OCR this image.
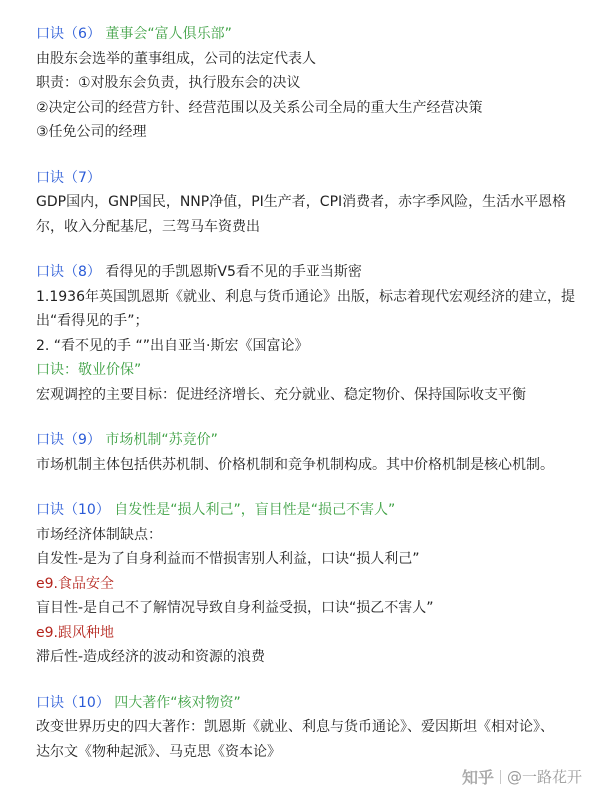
口诀（6） 董事会“富人俱乐部”

由股东会选举的董事组成，公司的法定代表人

职责：①对股东会负责，执行股东会的决议

②决定公司的经营方针、经营范围以及关系公司全局的重大生产经营决策

③任免公司的经理

口诀（7）

GDP国内，GNP国民，NNP净值，PI生产者，CPI消费者，赤字季风险，生活水平恩格

尔，收入分配基尼，三驾马车资费出

口诀（8） 看得见的手凯恩斯V5看不见的手亚当斯密

1.1936年英国凯恩斯《就业、利息与货币通论》出版，标志着现代宏观经济的建立，提

出“看得见的手”；

2. “看不见的手 “”出自亚当·斯宏《国富论》

口诀：敬业价保”

宏观调控的主要目标：促进经济增长、充分就业、稳定物价、保持国际收支平衡

口诀（9） 市场机制“苏竞价”

市场机制主体包括供苏机制、价格机制和竞争机制构成。其中价格机制是核心机制。

口诀（10） 自发性是“损人利己”，盲目性是“损己不害人”

市场经济体制缺点：

自发性-是为了自身利益而不惜损害别人利益，口诀“损人利己”

e9.食品安全

盲目性-是自己不了解情况导致自身利益受损，口诀“损乙不害人”

e9.跟风种地

滞后性-造成经济的波动和资源的浪费

口诀（10） 四大著作“核对物资”

改变世界历史的四大著作：凯恩斯《就业、利息与货币通论》、爱因斯坦《相对论》、

达尔文《物种起派》、马克思《资本论》

知乎 @一路花开
